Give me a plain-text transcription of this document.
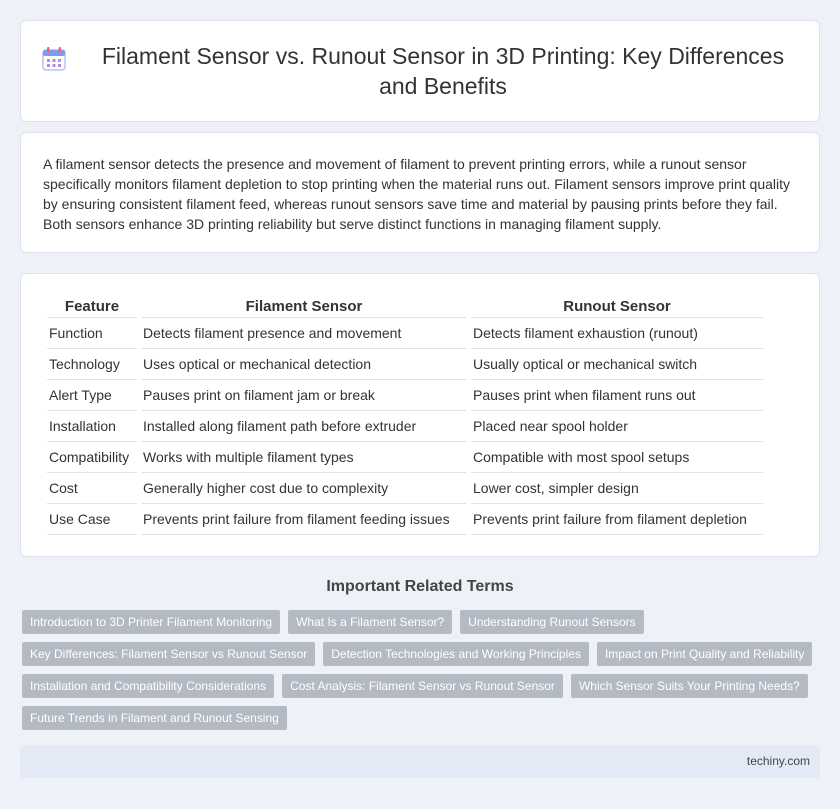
Filament Sensor vs. Runout Sensor in 3D Printing: Key Differences and Benefits

A filament sensor detects the presence and movement of filament to prevent printing errors, while a runout sensor specifically monitors filament depletion to stop printing when the material runs out. Filament sensors improve print quality by ensuring consistent filament feed, whereas runout sensors save time and material by pausing prints before they fail. Both sensors enhance 3D printing reliability but serve distinct functions in managing filament supply.

Feature	Filament Sensor	Runout Sensor
Function	Detects filament presence and movement	Detects filament exhaustion (runout)
Technology	Uses optical or mechanical detection	Usually optical or mechanical switch
Alert Type	Pauses print on filament jam or break	Pauses print when filament runs out
Installation	Installed along filament path before extruder	Placed near spool holder
Compatibility	Works with multiple filament types	Compatible with most spool setups
Cost	Generally higher cost due to complexity	Lower cost, simpler design
Use Case	Prevents print failure from filament feeding issues	Prevents print failure from filament depletion
Important Related Terms
Introduction to 3D Printer Filament Monitoring	What Is a Filament Sensor?	Understanding Runout Sensors
Key Differences: Filament Sensor vs Runout Sensor	Detection Technologies and Working Principles	Impact on Print Quality and Reliability
Installation and Compatibility Considerations	Cost Analysis: Filament Sensor vs Runout Sensor	Which Sensor Suits Your Printing Needs?
Future Trends in Filament and Runout Sensing
techiny.com
